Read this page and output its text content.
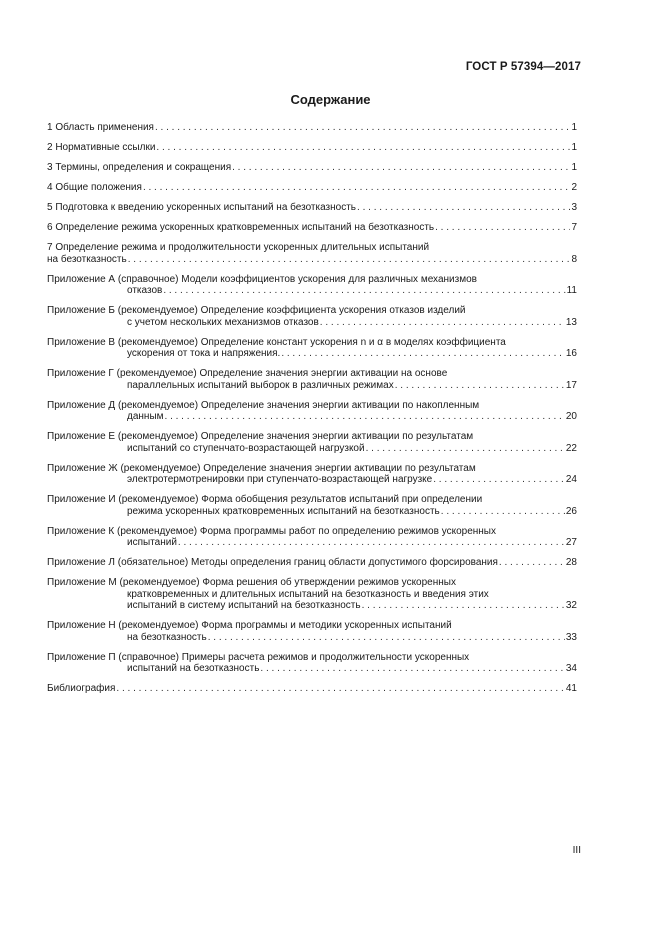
ГОСТ Р 57394—2017
Содержание
1 Область применения . . .	1
2 Нормативные ссылки . . .	1
3 Термины, определения и сокращения . . .	1
4 Общие положения . . .	2
5 Подготовка к введению ускоренных испытаний на безотказность . . .	3
6 Определение режима ускоренных кратковременных испытаний на безотказность . . .	7
7 Определение режима и продолжительности ускоренных длительных испытаний
на безотказность . . .	8
Приложение А (справочное) Модели коэффициентов ускорения для различных механизмов
отказов . . .	11
Приложение Б (рекомендуемое) Определение коэффициента ускорения отказов изделий
с учетом нескольких механизмов отказов . . .	13
Приложение В (рекомендуемое) Определение констант ускорения n и α в моделях коэффициента
ускорения от тока и напряжения. . . .	16
Приложение Г (рекомендуемое) Определение значения энергии активации на основе
параллельных испытаний выборок в различных режимах . . .	17
Приложение Д (рекомендуемое) Определение значения энергии активации по накопленным
данным . . .	20
Приложение Е (рекомендуемое) Определение значения энергии активации по результатам
испытаний со ступенчато-возрастающей нагрузкой . . .	22
Приложение Ж (рекомендуемое) Определение значения энергии активации по результатам
электротермотренировки при ступенчато-возрастающей нагрузке . . .	24
Приложение И (рекомендуемое) Форма обобщения результатов испытаний при определении
режима ускоренных кратковременных испытаний на безотказность . . .	26
Приложение К (рекомендуемое) Форма программы работ по определению режимов ускоренных
испытаний . . .	27
Приложение Л (обязательное) Методы определения границ области допустимого форсирования . . .	28
Приложение М (рекомендуемое) Форма решения об утверждении режимов ускоренных
кратковременных и длительных испытаний на безотказность и введения этих
испытаний в систему испытаний на безотказность . . .	32
Приложение Н (рекомендуемое) Форма программы и методики ускоренных испытаний
на безотказность . . .	33
Приложение П (справочное) Примеры расчета режимов и продолжительности ускоренных
испытаний на безотказность . . .	34
Библиография . . .	41
III
